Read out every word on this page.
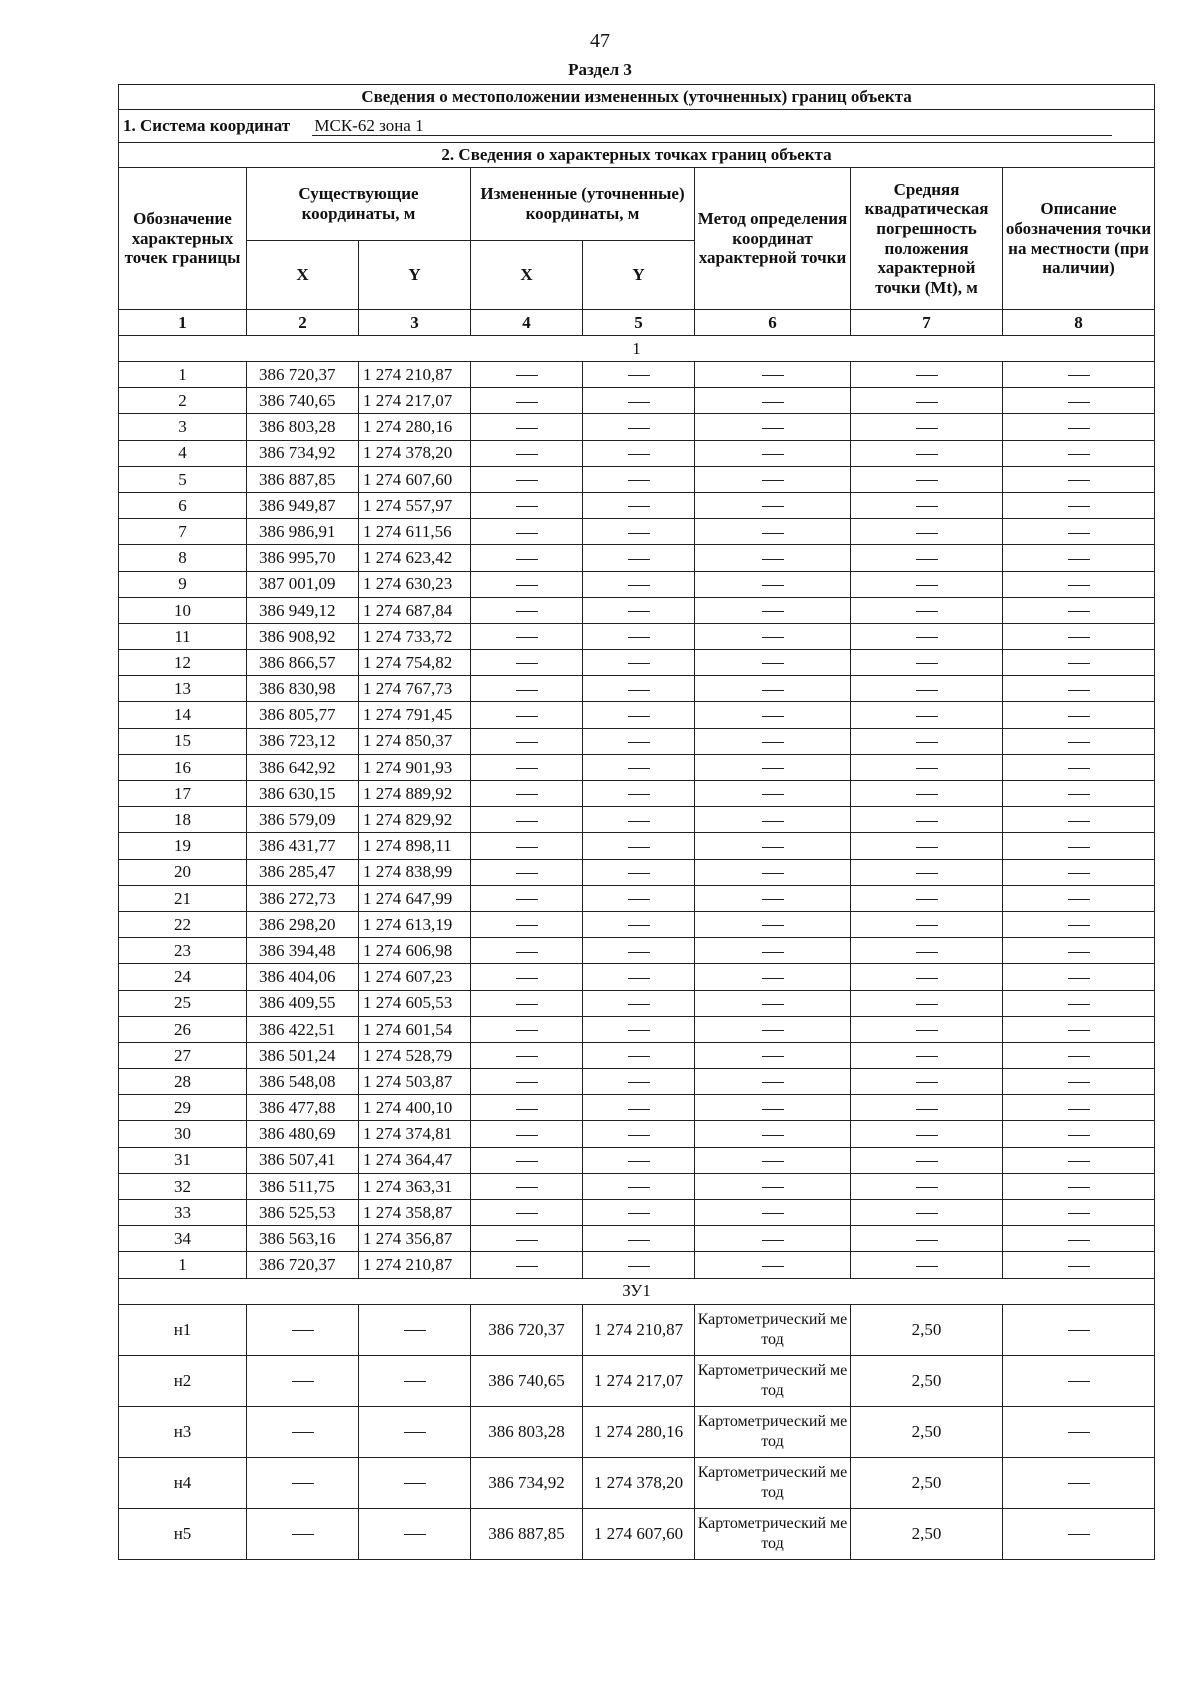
47
Раздел 3
Сведения о местоположении измененных (уточненных) границ объекта							
1. Система координат МСК-62 зона 1							
2. Сведения о характерных точках границ объекта							
Обозначение характерных точек границы	Существующие координаты, м		Измененные (уточненные) координаты, м		Метод определения координат характерной точки	Средняя квадратическая погрешность положения характерной точки (Mt), м	Описание обозначения точки на местности (при наличии)
	X	Y	X	Y			
1	2	3	4	5	6	7	8
1							
1	386 720,37	1 274 210,87					
2	386 740,65	1 274 217,07					
3	386 803,28	1 274 280,16					
4	386 734,92	1 274 378,20					
5	386 887,85	1 274 607,60					
6	386 949,87	1 274 557,97					
7	386 986,91	1 274 611,56					
8	386 995,70	1 274 623,42					
9	387 001,09	1 274 630,23					
10	386 949,12	1 274 687,84					
11	386 908,92	1 274 733,72					
12	386 866,57	1 274 754,82					
13	386 830,98	1 274 767,73					
14	386 805,77	1 274 791,45					
15	386 723,12	1 274 850,37					
16	386 642,92	1 274 901,93					
17	386 630,15	1 274 889,92					
18	386 579,09	1 274 829,92					
19	386 431,77	1 274 898,11					
20	386 285,47	1 274 838,99					
21	386 272,73	1 274 647,99					
22	386 298,20	1 274 613,19					
23	386 394,48	1 274 606,98					
24	386 404,06	1 274 607,23					
25	386 409,55	1 274 605,53					
26	386 422,51	1 274 601,54					
27	386 501,24	1 274 528,79					
28	386 548,08	1 274 503,87					
29	386 477,88	1 274 400,10					
30	386 480,69	1 274 374,81					
31	386 507,41	1 274 364,47					
32	386 511,75	1 274 363,31					
33	386 525,53	1 274 358,87					
34	386 563,16	1 274 356,87					
1	386 720,37	1 274 210,87					
ЗУ1							
н1			386 720,37	1 274 210,87	Картометрический метод	2,50	
н2			386 740,65	1 274 217,07	Картометрический метод	2,50	
н3			386 803,28	1 274 280,16	Картометрический метод	2,50	
н4			386 734,92	1 274 378,20	Картометрический метод	2,50	
н5			386 887,85	1 274 607,60	Картометрический метод	2,50	
